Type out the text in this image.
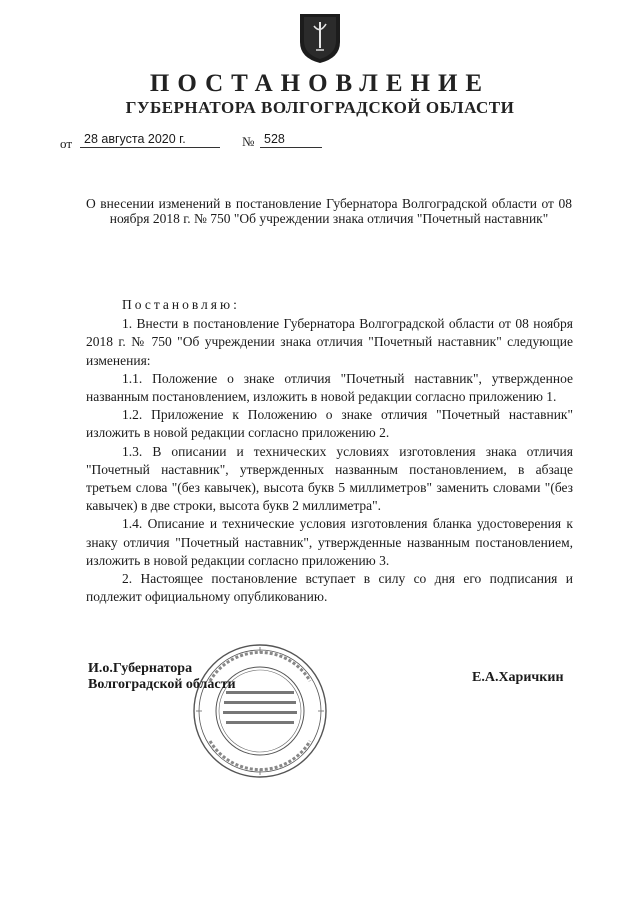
ПОСТАНОВЛЕНИЕ
ГУБЕРНАТОРА ВОЛГОГРАДСКОЙ ОБЛАСТИ
от 28 августа 2020 г.	№ 528
О внесении изменений в постановление Губернатора Волгоградской области от 08 ноября 2018 г. № 750 "Об учреждении знака отличия "Почетный наставник"

Постановляю:

1. Внести в постановление Губернатора Волгоградской области от 08 ноября 2018 г. № 750 "Об учреждении знака отличия "Почетный наставник" следующие изменения:

1.1. Положение о знаке отличия "Почетный наставник", утвержденное названным постановлением, изложить в новой редакции согласно приложению 1.

1.2. Приложение к Положению о знаке отличия "Почетный наставник" изложить в новой редакции согласно приложению 2.

1.3. В описании и технических условиях изготовления знака отличия "Почетный наставник", утвержденных названным постановлением, в абзаце третьем слова "(без кавычек), высота букв 5 миллиметров" заменить словами "(без кавычек) в две строки, высота букв 2 миллиметра".

1.4. Описание и технические условия изготовления бланка удостоверения к знаку отличия "Почетный наставник", утвержденные названным постановлением, изложить в новой редакции согласно приложению 3.

2. Настоящее постановление вступает в силу со дня его подписания и подлежит официальному опубликованию.

И.о.Губернатора
Волгоградской области	Е.А.Харичкин
